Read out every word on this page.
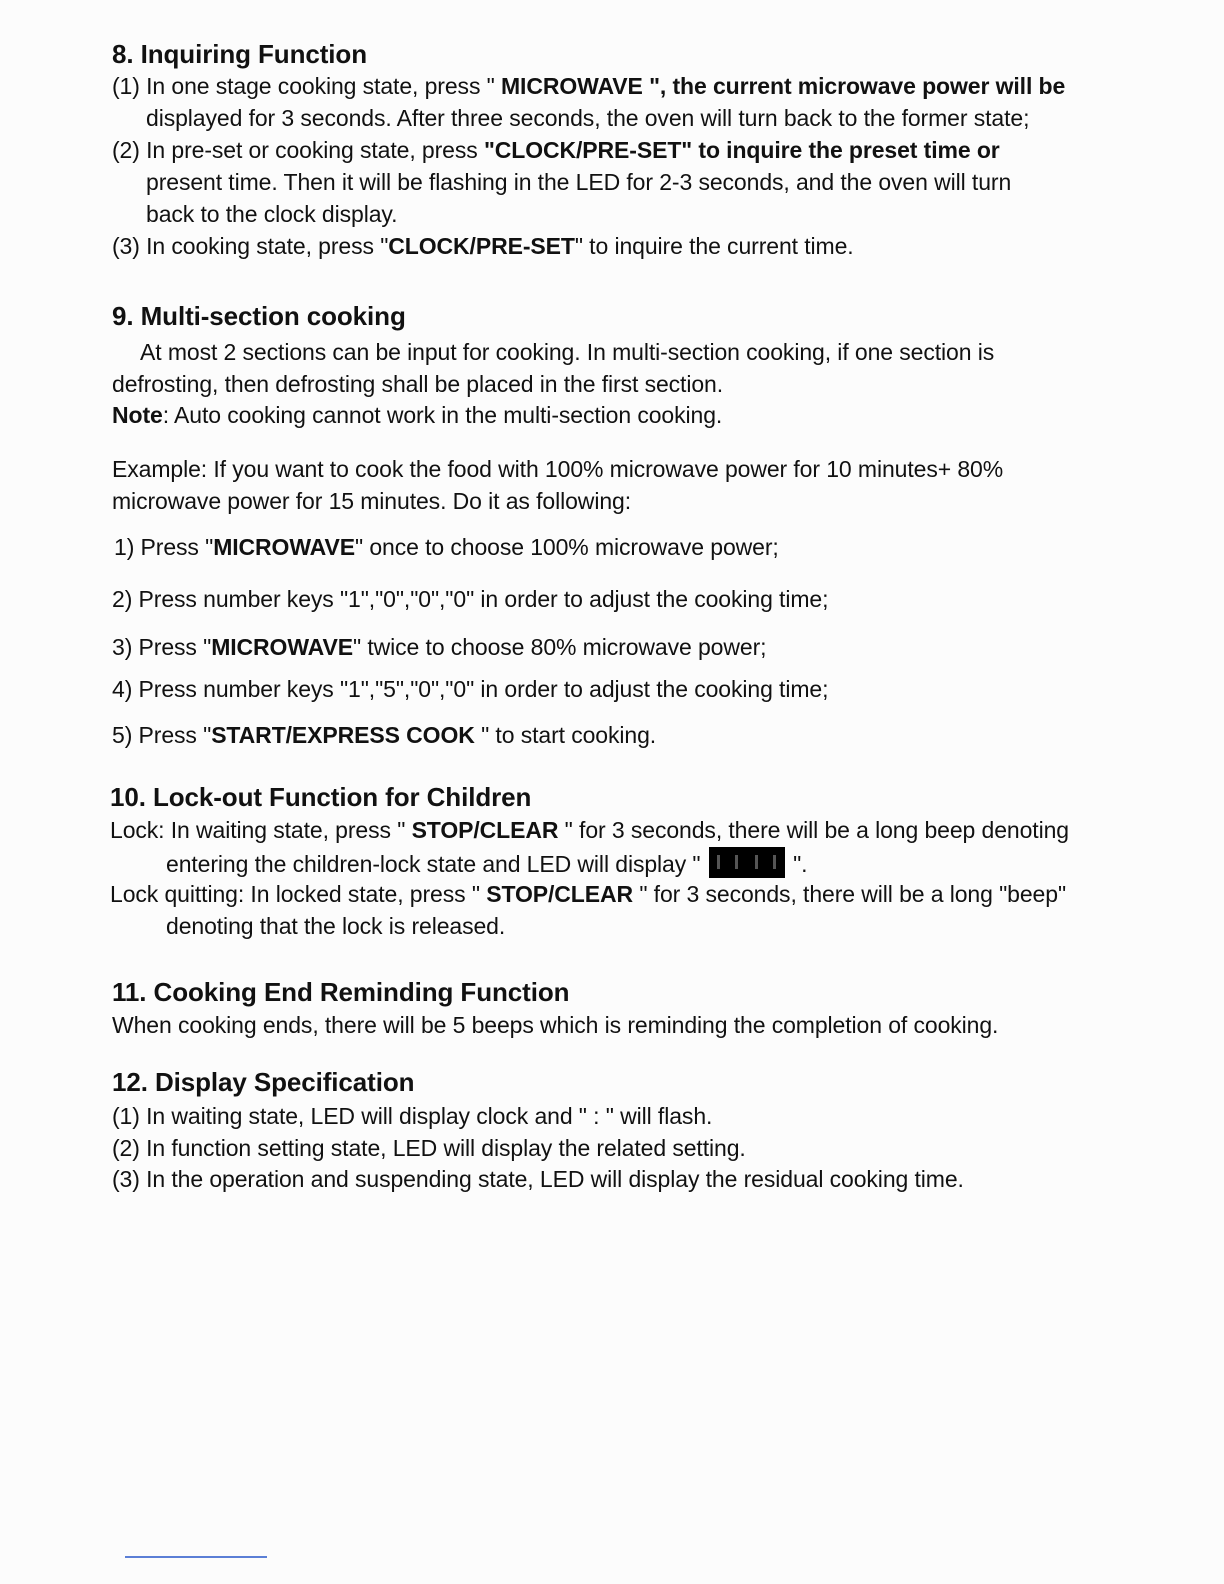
8. Inquiring Function
(1) In one stage cooking state, press " MICROWAVE ", the current microwave power will be
displayed for 3 seconds. After three seconds, the oven will turn back to the former state;
(2) In pre-set or cooking state, press "CLOCK/PRE-SET" to inquire the preset time or
present time. Then it will be flashing in the LED for 2-3 seconds, and the oven will turn
back to the clock display.
(3) In cooking state, press "CLOCK/PRE-SET" to inquire the current time.
9. Multi-section cooking
At most 2 sections can be input for cooking. In multi-section cooking, if one section is
defrosting, then defrosting shall be placed in the first section.
Note: Auto cooking cannot work in the multi-section cooking.
Example: If you want to cook the food with 100% microwave power for 10 minutes+ 80%
microwave power for 15 minutes. Do it as following:
1) Press "MICROWAVE" once to choose 100% microwave power;
2) Press number keys "1","0","0","0" in order to adjust the cooking time;
3) Press "MICROWAVE" twice to choose 80% microwave power;
4) Press number keys "1","5","0","0" in order to adjust the cooking time;
5) Press "START/EXPRESS COOK " to start cooking.
10. Lock-out Function for Children
Lock: In waiting state, press " STOP/CLEAR " for 3 seconds, there will be a long beep denoting
entering the children-lock state and LED will display "	".
Lock quitting: In locked state, press " STOP/CLEAR " for 3 seconds, there will be a long "beep"
denoting that the lock is released.
11. Cooking End Reminding Function
When cooking ends, there will be 5 beeps which is reminding the completion of cooking.
12. Display Specification
(1) In waiting state, LED will display clock and " : " will flash.
(2) In function setting state, LED will display the related setting.
(3) In the operation and suspending state, LED will display the residual cooking time.
